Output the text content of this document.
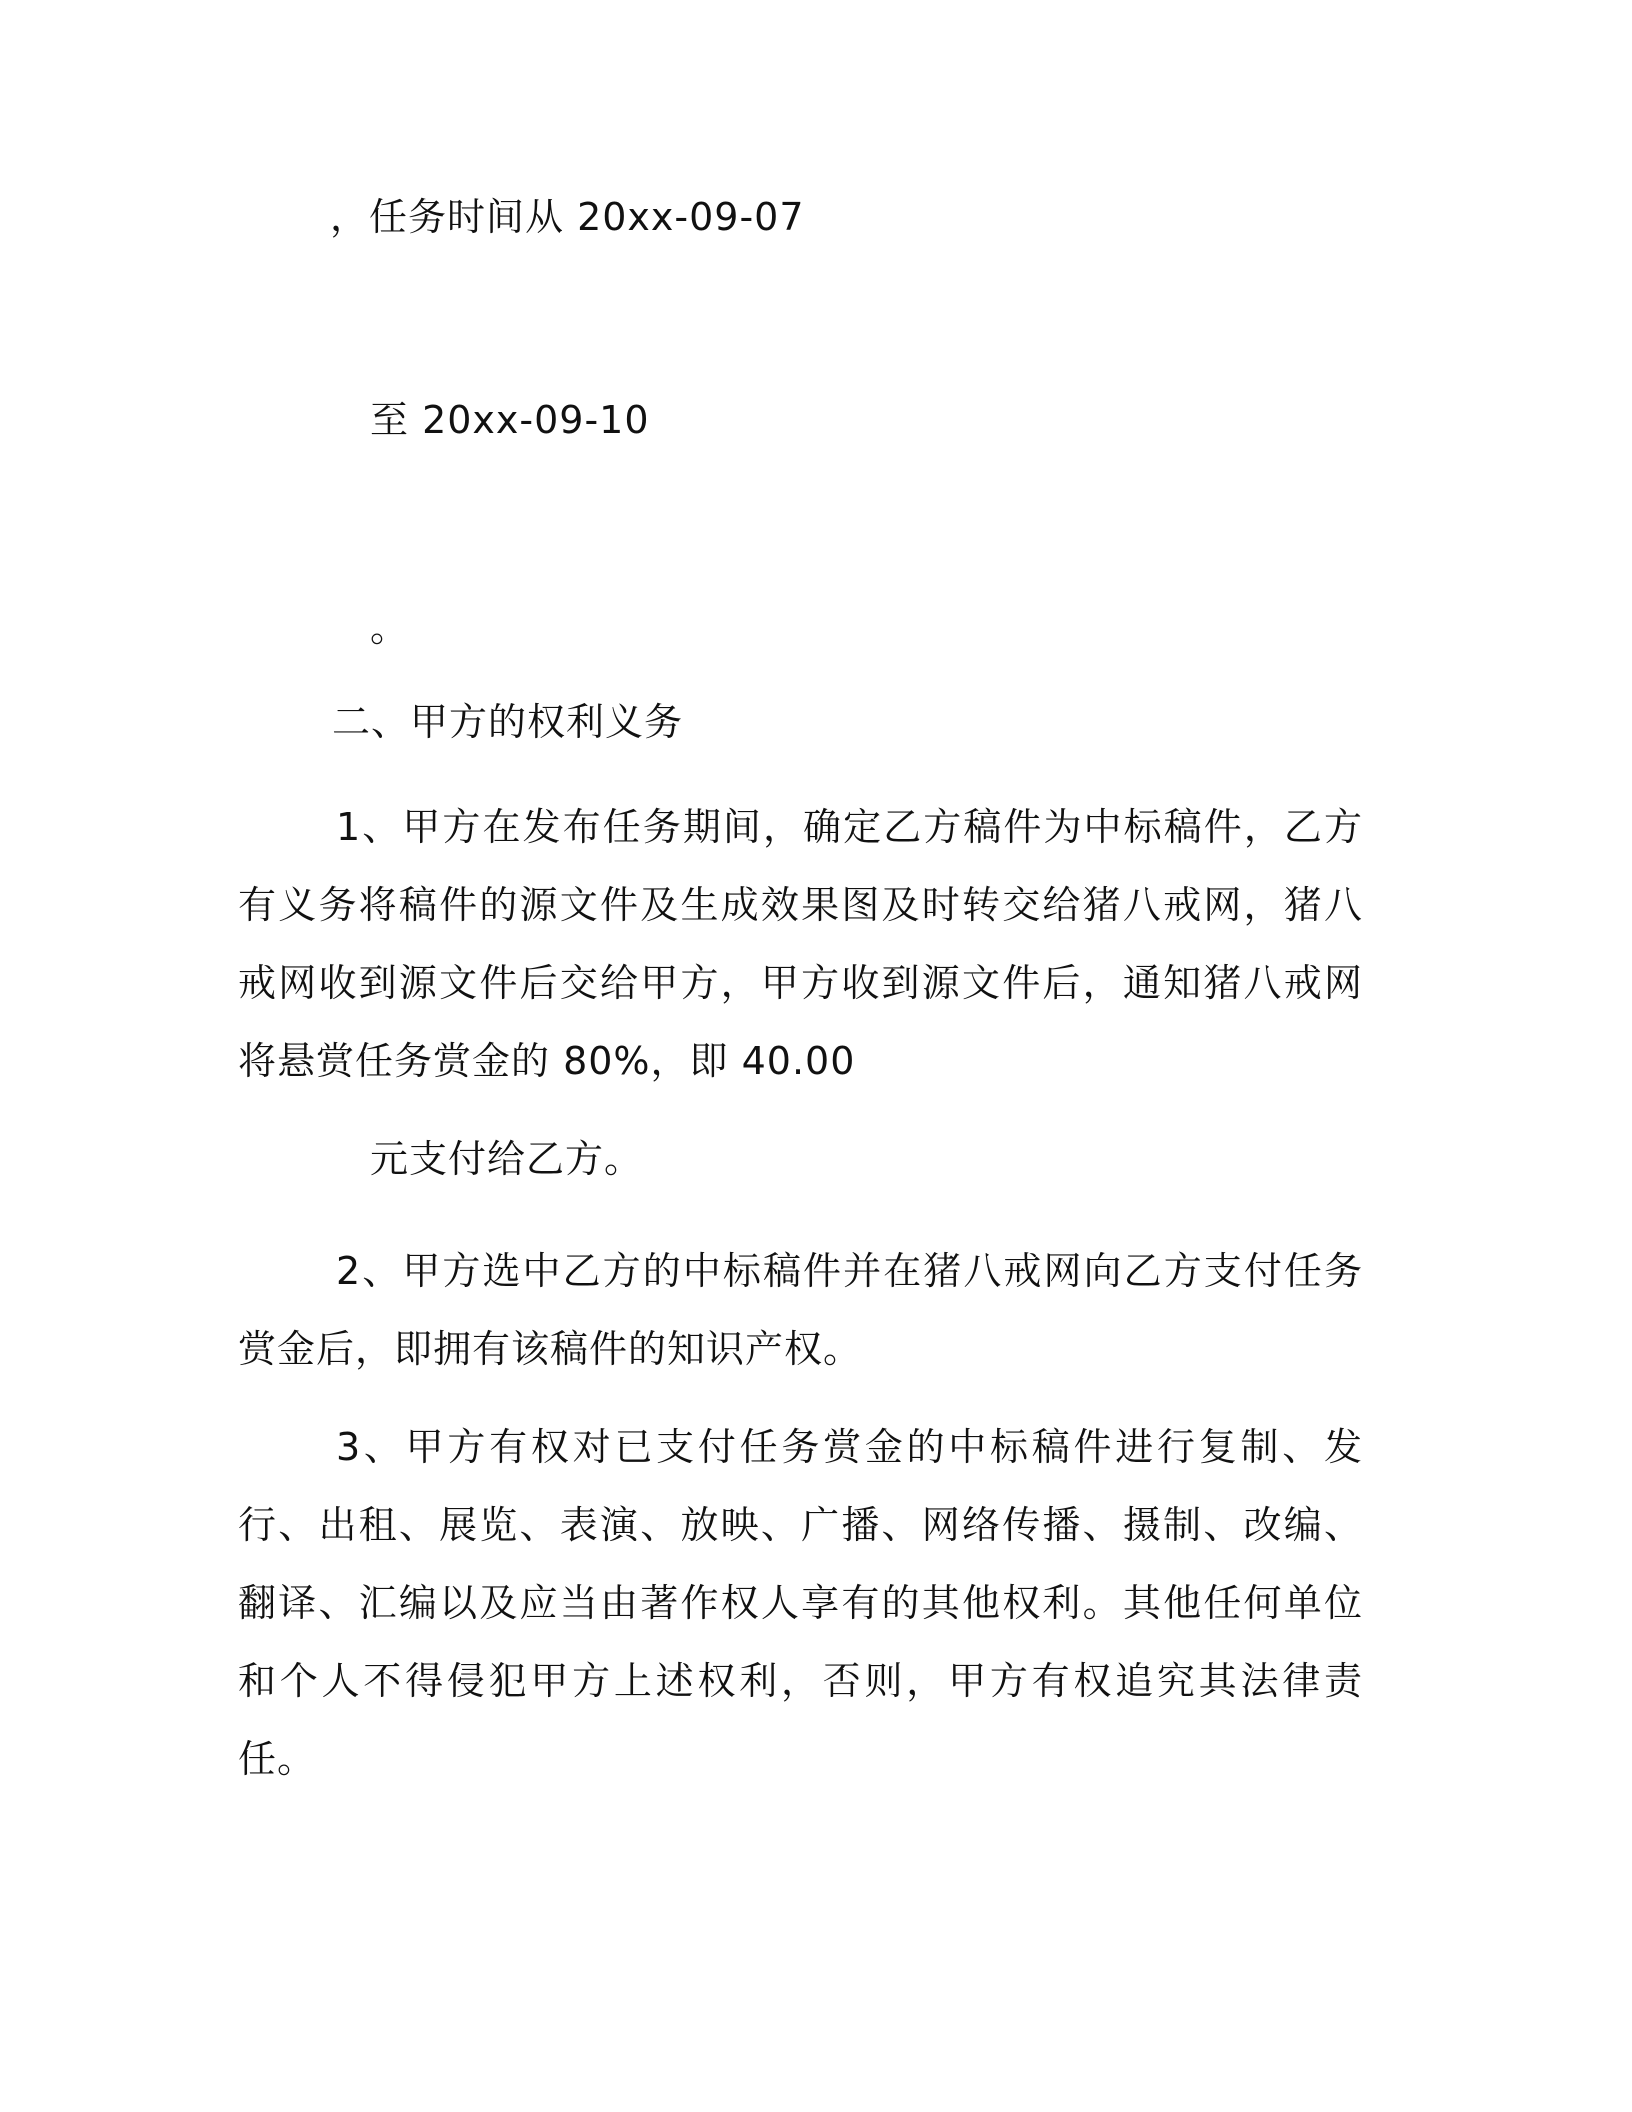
，任务时间从 20xx-09-07
至 20xx-09-10
。
二、甲方的权利义务
1、甲方在发布任务期间，确定乙方稿件为中标稿件，乙方有义务将稿件的源文件及生成效果图及时转交给猪八戒网，猪八戒网收到源文件后交给甲方，甲方收到源文件后，通知猪八戒网将悬赏任务赏金的 80%，即 40.00
元支付给乙方。
2、甲方选中乙方的中标稿件并在猪八戒网向乙方支付任务赏金后，即拥有该稿件的知识产权。
3、甲方有权对已支付任务赏金的中标稿件进行复制、发行、出租、展览、表演、放映、广播、网络传播、摄制、改编、翻译、汇编以及应当由著作权人享有的其他权利。其他任何单位和个人不得侵犯甲方上述权利，否则，甲方有权追究其法律责任。
